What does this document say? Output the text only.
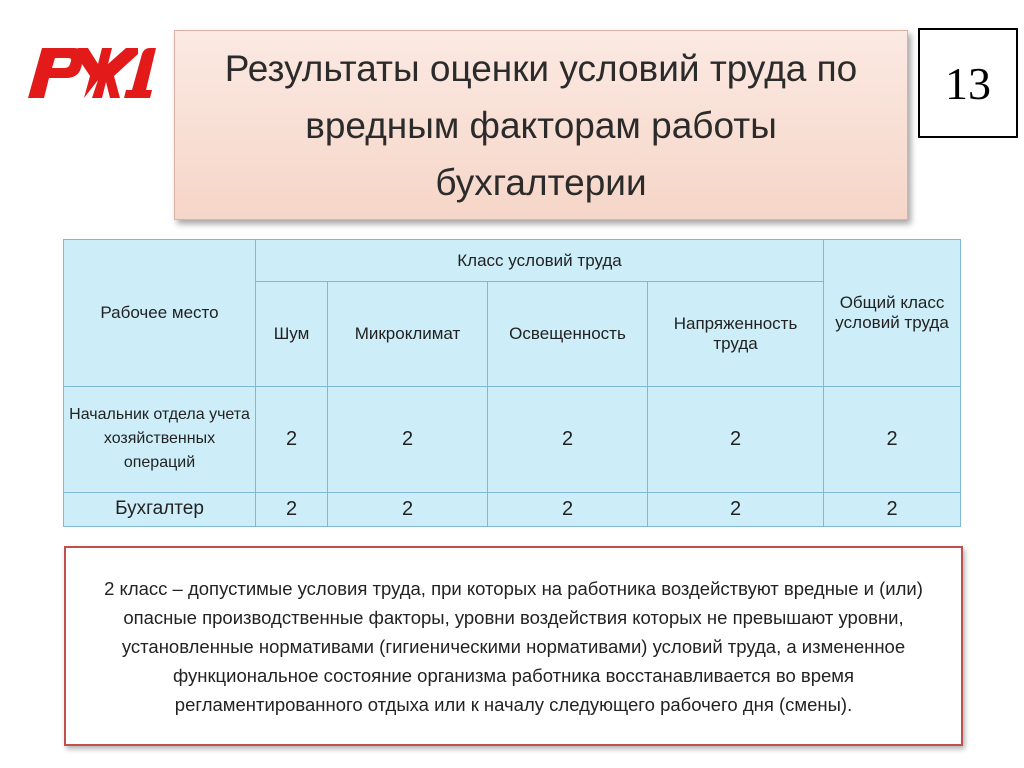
Результаты оценки условий труда по вредным факторам работы бухгалтерии
13
Рабочее место	Класс условий труда				Общий класс условий труда
	Шум	Микроклимат	Освещенность	Напряженность труда	
Начальник отдела учета хозяйственных операций	2	2	2	2	2
Бухгалтер	2	2	2	2	2
2 класс – допустимые условия труда, при которых на работника воздействуют вредные и (или) опасные производственные факторы, уровни воздействия которых не превышают уровни, установленные нормативами (гигиеническими нормативами) условий труда, а измененное функциональное состояние организма работника восстанавливается во время регламентированного отдыха или к началу следующего рабочего дня (смены).
